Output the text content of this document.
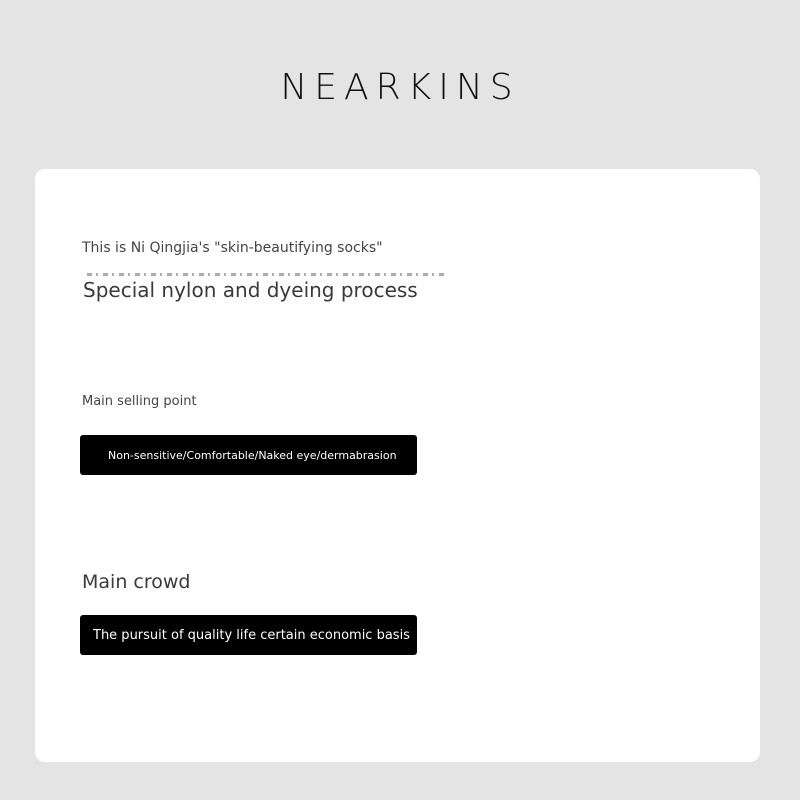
NEARKINS
This is Ni Qingjia's "skin-beautifying socks"
Special nylon and dyeing process
Main selling point
Non-sensitive/Comfortable/Naked eye/dermabrasion
Main crowd
The pursuit of quality life certain economic basis
